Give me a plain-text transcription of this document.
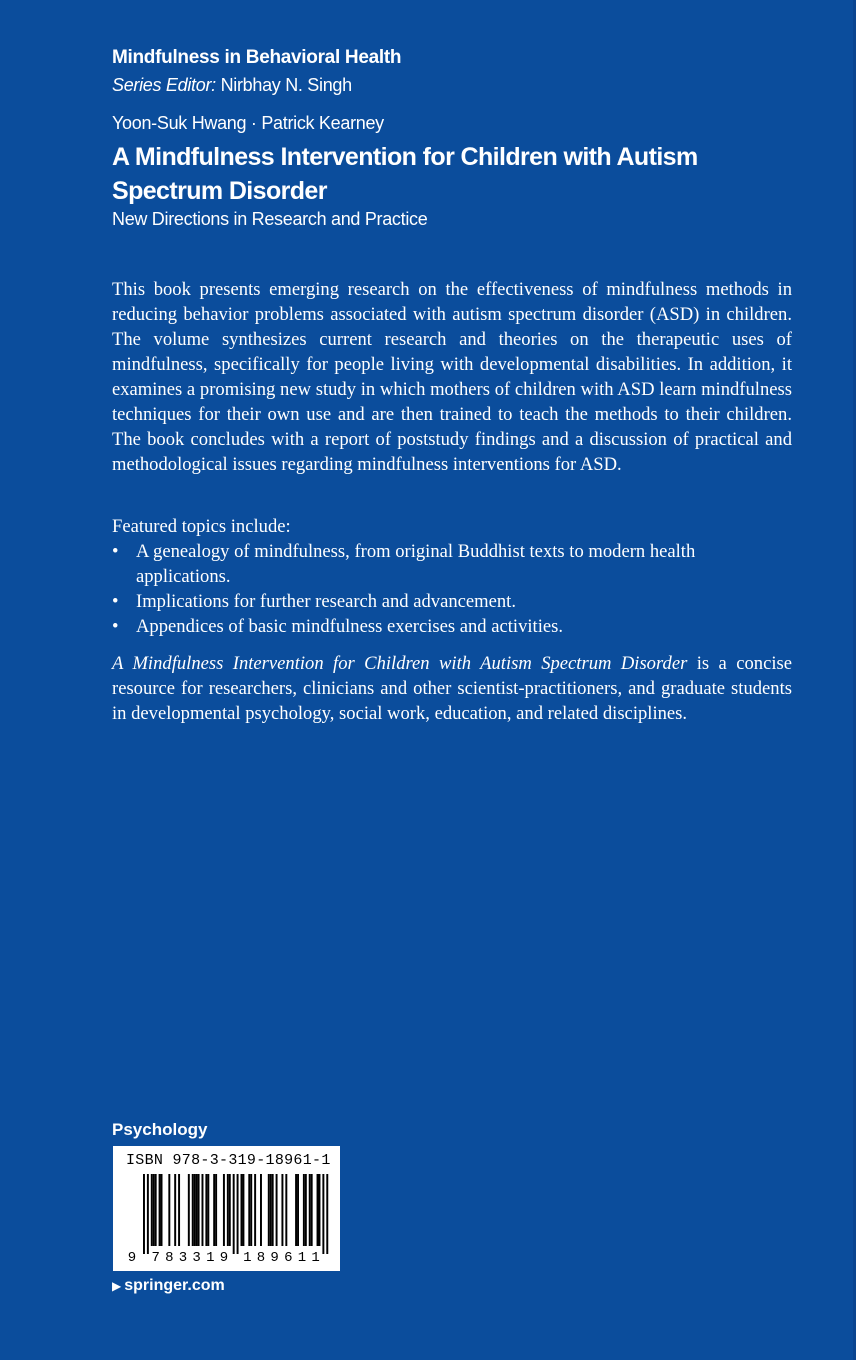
Mindfulness in Behavioral Health
Series Editor: Nirbhay N. Singh
Yoon-Suk Hwang · Patrick Kearney
A Mindfulness Intervention for Children with Autism Spectrum Disorder
New Directions in Research and Practice

This book presents emerging research on the effectiveness of mindfulness methods in reducing behavior problems associated with autism spectrum disorder (ASD) in children. The volume synthesizes current research and theories on the therapeutic uses of mindfulness, specifically for people living with developmental disabilities. In addition, it examines a promising new study in which mothers of children with ASD learn mindfulness techniques for their own use and are then trained to teach the methods to their children. The book concludes with a report of poststudy findings and a discussion of practical and methodological issues regarding mindfulness interventions for ASD.

Featured topics include:
• A genealogy of mindfulness, from original Buddhist texts to modern health applications.
• Implications for further research and advancement.
• Appendices of basic mindfulness exercises and activities.
A Mindfulness Intervention for Children with Autism Spectrum Disorder is a concise resource for researchers, clinicians and other scientist-practitioners, and graduate students in developmental psychology, social work, education, and related disciplines.
Psychology
9 7 8 3 3 1 9 1 8 9 6 1 1
ISBN 978-3-319-18961-1
▶ springer.com
